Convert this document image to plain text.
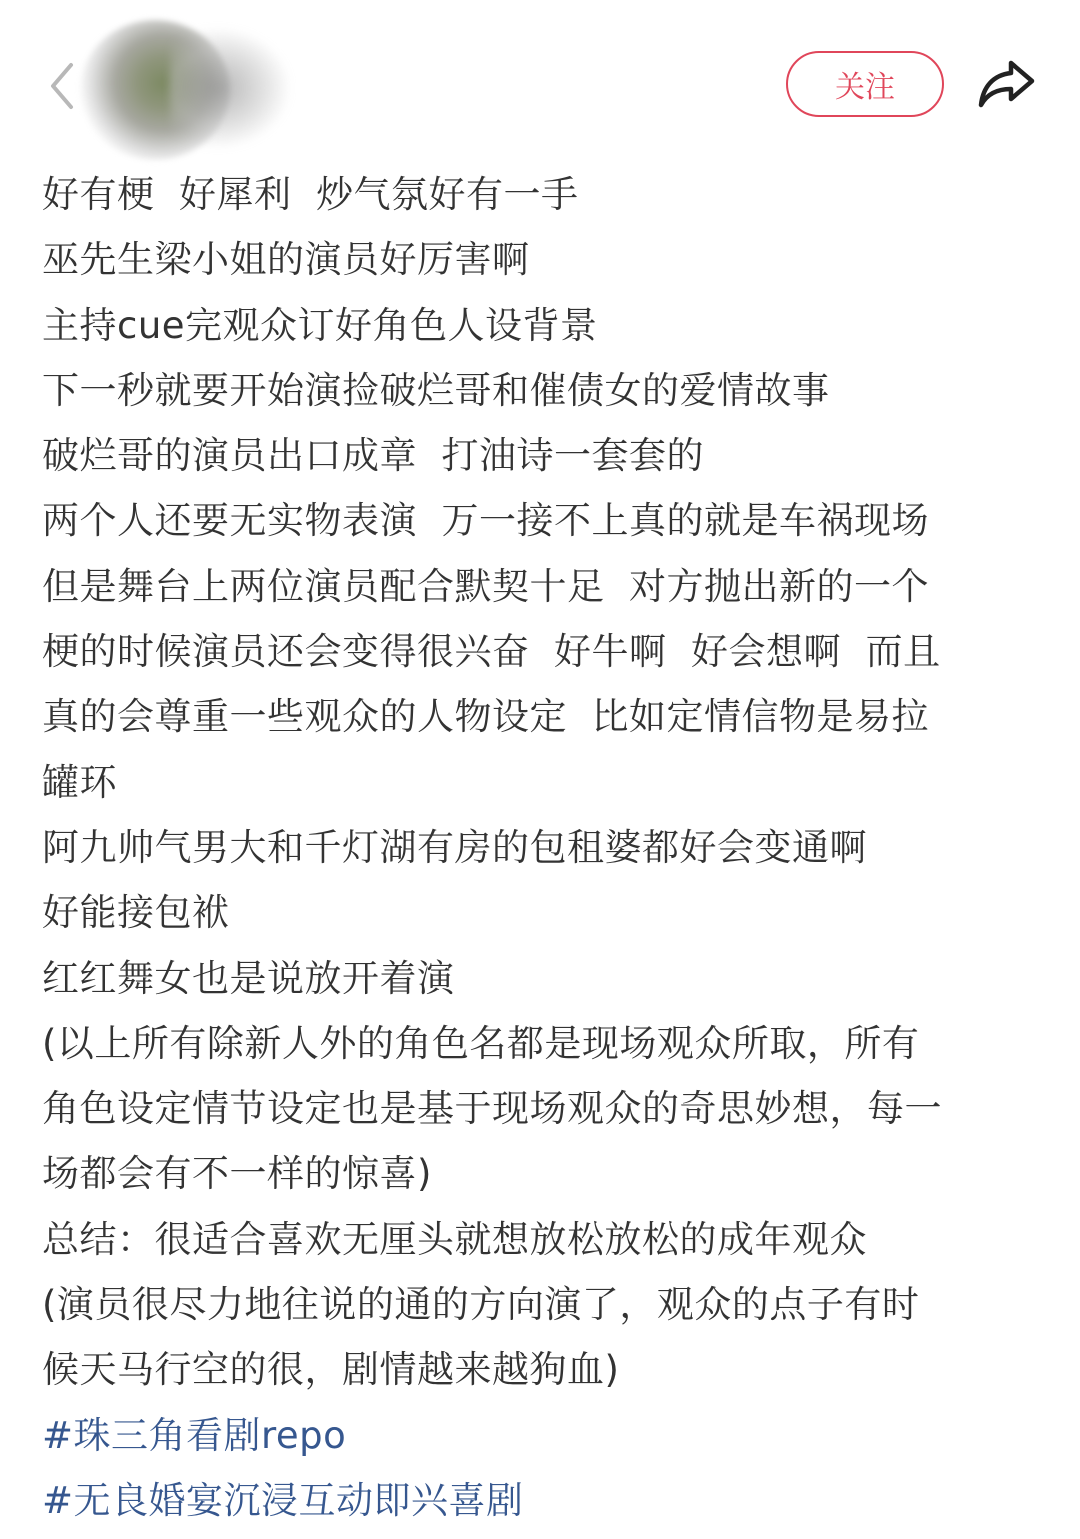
关注
好有梗  好犀利  炒气氛好有一手
巫先生梁小姐的演员好厉害啊
主持cue完观众订好角色人设背景
下一秒就要开始演捡破烂哥和催债女的爱情故事
破烂哥的演员出口成章  打油诗一套套的
两个人还要无实物表演  万一接不上真的就是车祸现场
但是舞台上两位演员配合默契十足  对方抛出新的一个
梗的时候演员还会变得很兴奋  好牛啊  好会想啊  而且
真的会尊重一些观众的人物设定  比如定情信物是易拉
罐环
阿九帅气男大和千灯湖有房的包租婆都好会变通啊
好能接包袱
红红舞女也是说放开着演
(以上所有除新人外的角色名都是现场观众所取，所有
角色设定情节设定也是基于现场观众的奇思妙想，每一
场都会有不一样的惊喜)
总结：很适合喜欢无厘头就想放松放松的成年观众
(演员很尽力地往说的通的方向演了，观众的点子有时
候天马行空的很，剧情越来越狗血)
#珠三角看剧repo
#无良婚宴沉浸互动即兴喜剧
